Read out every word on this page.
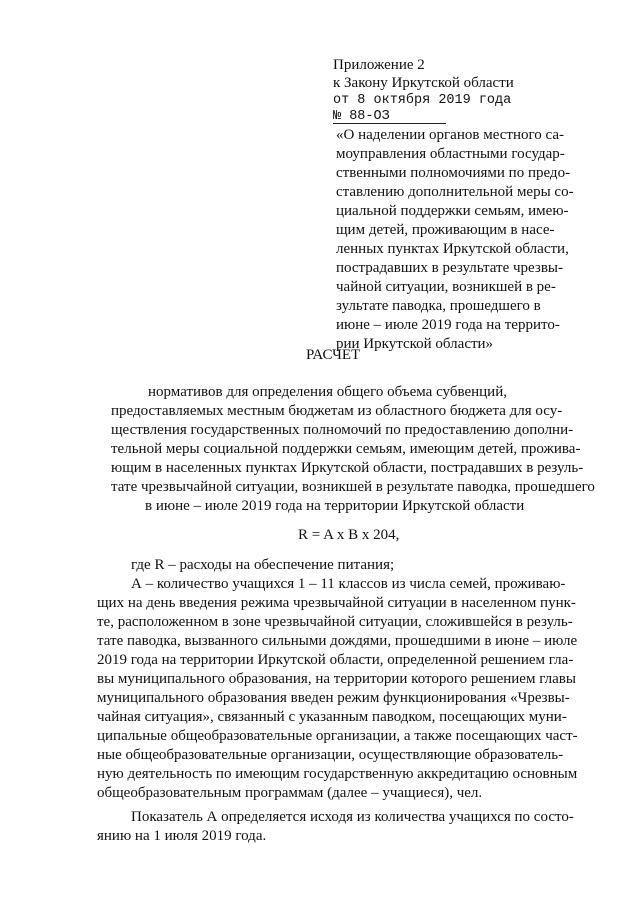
Приложение 2
к Закону Иркутской области
от 8 октября 2019 года
№ 88-ОЗ
«О наделении органов местного са-
моуправления областными государ-
ственными полномочиями по предо-
ставлению дополнительной меры со-
циальной поддержки семьям, имею-
щим детей, проживающим в насе-
ленных пунктах Иркутской области,
пострадавших в результате чрезвы-
чайной ситуации, возникшей в ре-
зультате паводка, прошедшего в
июне – июле 2019 года на террито-
рии Иркутской области»
РАСЧЕТ
нормативов для определения общего объема субвенций,
предоставляемых местным бюджетам из областного бюджета для осу-
ществления государственных полномочий по предоставлению дополни-
тельной меры социальной поддержки семьям, имеющим детей, прожива-
ющим в населенных пунктах Иркутской области, пострадавших в резуль-
тате чрезвычайной ситуации, возникшей в результате паводка, прошедшего
в июне – июле 2019 года на территории Иркутской области
R = A x B x 204,
где R – расходы на обеспечение питания;
А – количество учащихся 1 – 11 классов из числа семей, проживаю-
щих на день введения режима чрезвычайной ситуации в населенном пунк-
те, расположенном в зоне чрезвычайной ситуации, сложившейся в резуль-
тате паводка, вызванного сильными дождями, прошедшими в июне – июле
2019 года на территории Иркутской области, определенной решением гла-
вы муниципального образования, на территории которого решением главы
муниципального образования введен режим функционирования «Чрезвы-
чайная ситуация», связанный с указанным паводком, посещающих муни-
ципальные общеобразовательные организации, а также посещающих част-
ные общеобразовательные организации, осуществляющие образователь-
ную деятельность по имеющим государственную аккредитацию основным
общеобразовательным программам (далее – учащиеся), чел.
Показатель А определяется исходя из количества учащихся по состо-
янию на 1 июля 2019 года.
